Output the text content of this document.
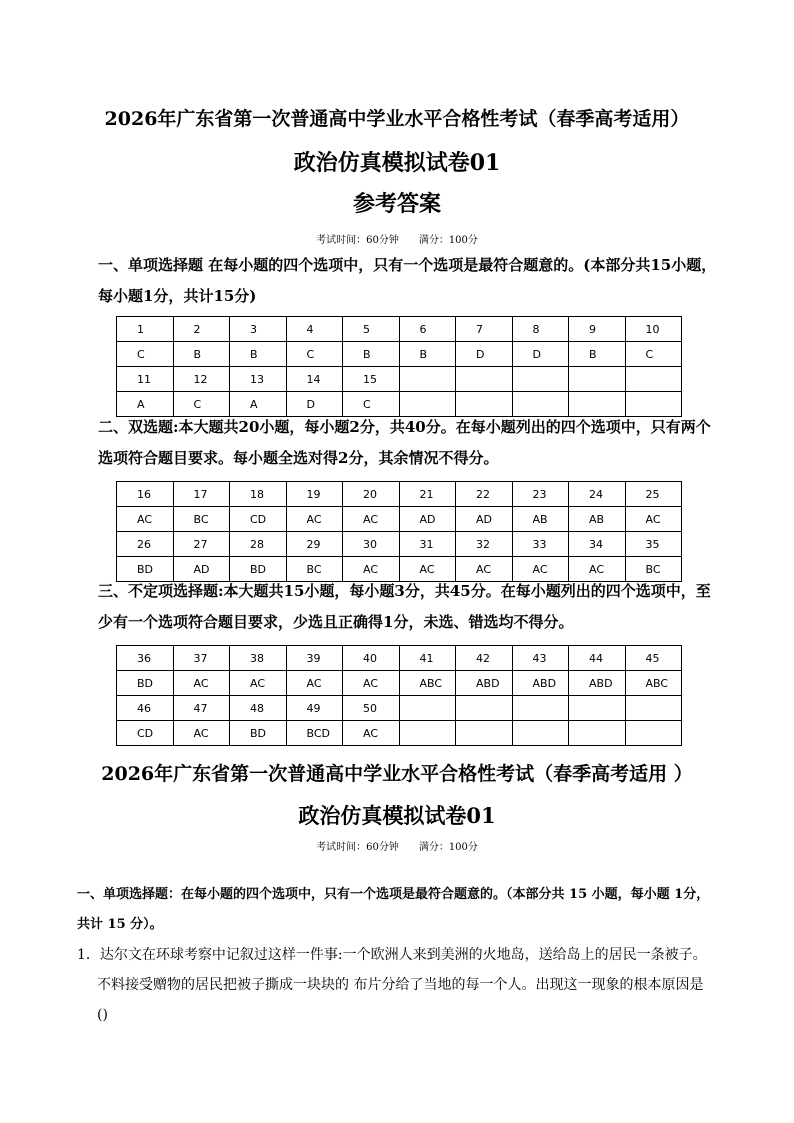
2026年广东省第一次普通高中学业水平合格性考试（春季高考适用）
政治仿真模拟试卷01
参考答案
考试时间：60分钟　　满分：100分
一、单项选择题 在每小题的四个选项中，只有一个选项是最符合题意的。(本部分共15小题，每小题1分，共计15分)
1	2	3	4	5	6	7	8	9	10
C	B	B	C	B	B	D	D	B	C
11	12	13	14	15					
A	C	A	D	C					
二、双选题:本大题共20小题，每小题2分，共40分。在每小题列出的四个选项中，只有两个选项符合题目要求。每小题全选对得2分，其余情况不得分。
16	17	18	19	20	21	22	23	24	25
AC	BC	CD	AC	AC	AD	AD	AB	AB	AC
26	27	28	29	30	31	32	33	34	35
BD	AD	BD	BC	AC	AC	AC	AC	AC	BC
三、不定项选择题:本大题共15小题，每小题3分，共45分。在每小题列出的四个选项中，至少有一个选项符合题目要求，少选且正确得1分，未选、错选均不得分。
36	37	38	39	40	41	42	43	44	45
BD	AC	AC	AC	AC	ABC	ABD	ABD	ABD	ABC
46	47	48	49	50					
CD	AC	BD	BCD	AC					
2026年广东省第一次普通高中学业水平合格性考试（春季高考适用 ）
政治仿真模拟试卷01
考试时间：60分钟　　满分：100分
一、单项选择题：在每小题的四个选项中，只有一个选项是最符合题意的。（本部分共 15 小题，每小题 1分，共计 15 分）。
1．达尔文在环球考察中记叙过这样一件事:一个欧洲人来到美洲的火地岛，送给岛上的居民一条被子。
不料接受赠物的居民把被子撕成一块块的 布片分给了当地的每一个人。出现这一现象的根本原因是
()
